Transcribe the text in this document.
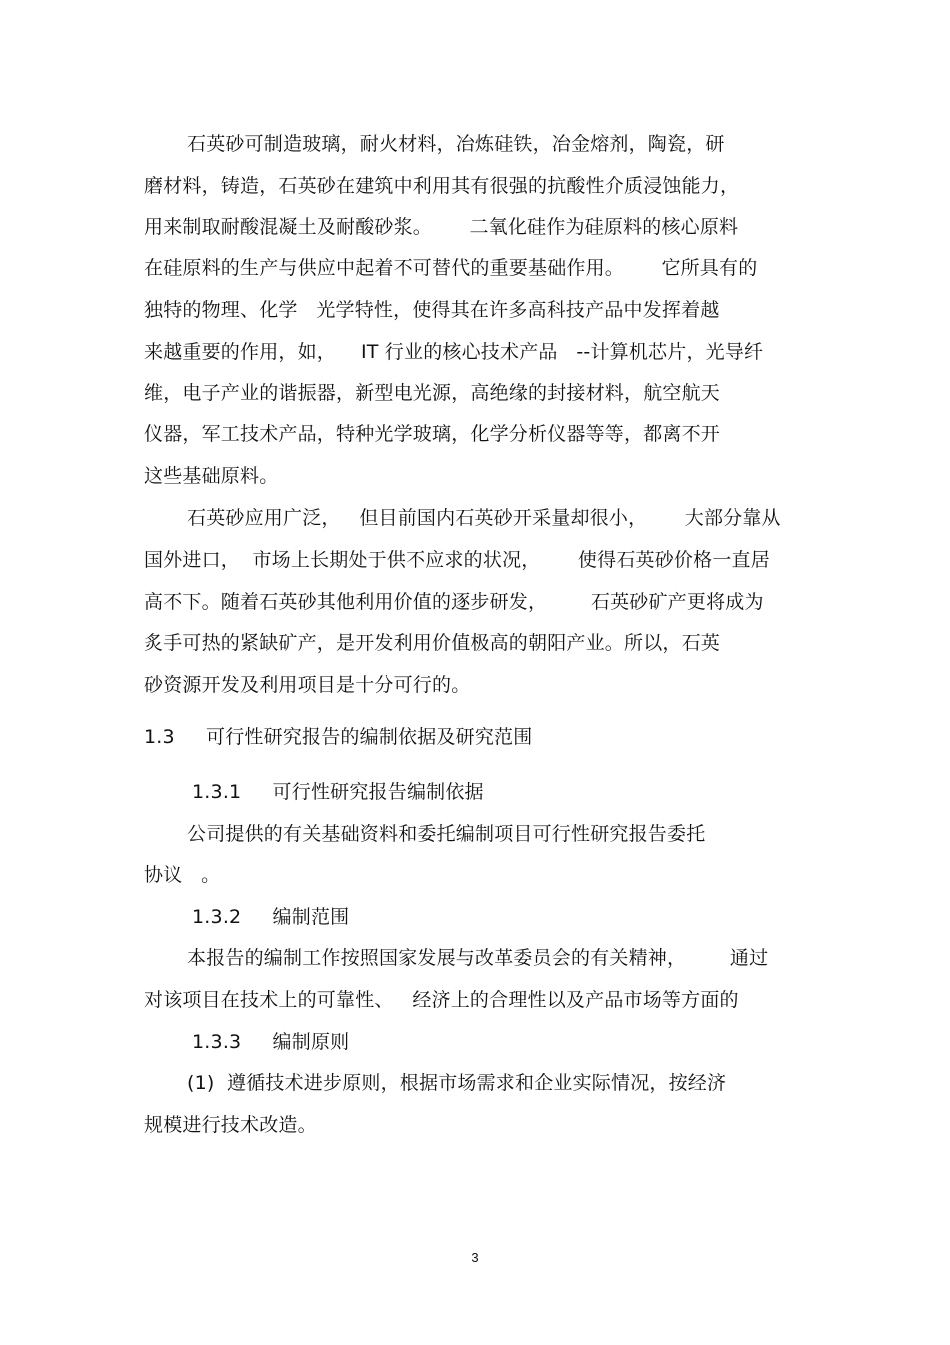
石英砂可制造玻璃，耐火材料，冶炼硅铁，冶金熔剂，陶瓷，研
磨材料，铸造，石英砂在建筑中利用其有很强的抗酸性介质浸蚀能力，
用来制取耐酸混凝土及耐酸砂浆。      二氧化硅作为硅原料的核心原料
在硅原料的生产与供应中起着不可替代的重要基础作用。      它所具有的
独特的物理、化学   光学特性，使得其在许多高科技产品中发挥着越
来越重要的作用，如，    IT 行业的核心技术产品   --计算机芯片，光导纤
维，电子产业的谐振器，新型电光源，高绝缘的封接材料，航空航天
仪器，军工技术产品，特种光学玻璃，化学分析仪器等等，都离不开
这些基础原料。
石英砂应用广泛，   但目前国内石英砂开采量却很小，      大部分靠从
国外进口，  市场上长期处于供不应求的状况，      使得石英砂价格一直居
高不下。随着石英砂其他利用价值的逐步研发，       石英砂矿产更将成为
炙手可热的紧缺矿产，是开发利用价值极高的朝阳产业。所以，石英
砂资源开发及利用项目是十分可行的。
1.3     可行性研究报告的编制依据及研究范围
1.3.1     可行性研究报告编制依据
公司提供的有关基础资料和委托编制项目可行性研究报告委托
协议   。
1.3.2     编制范围
本报告的编制工作按照国家发展与改革委员会的有关精神，       通过
对该项目在技术上的可靠性、   经济上的合理性以及产品市场等方面的
1.3.3     编制原则
(1)  遵循技术进步原则，根据市场需求和企业实际情况，按经济
规模进行技术改造。
3
